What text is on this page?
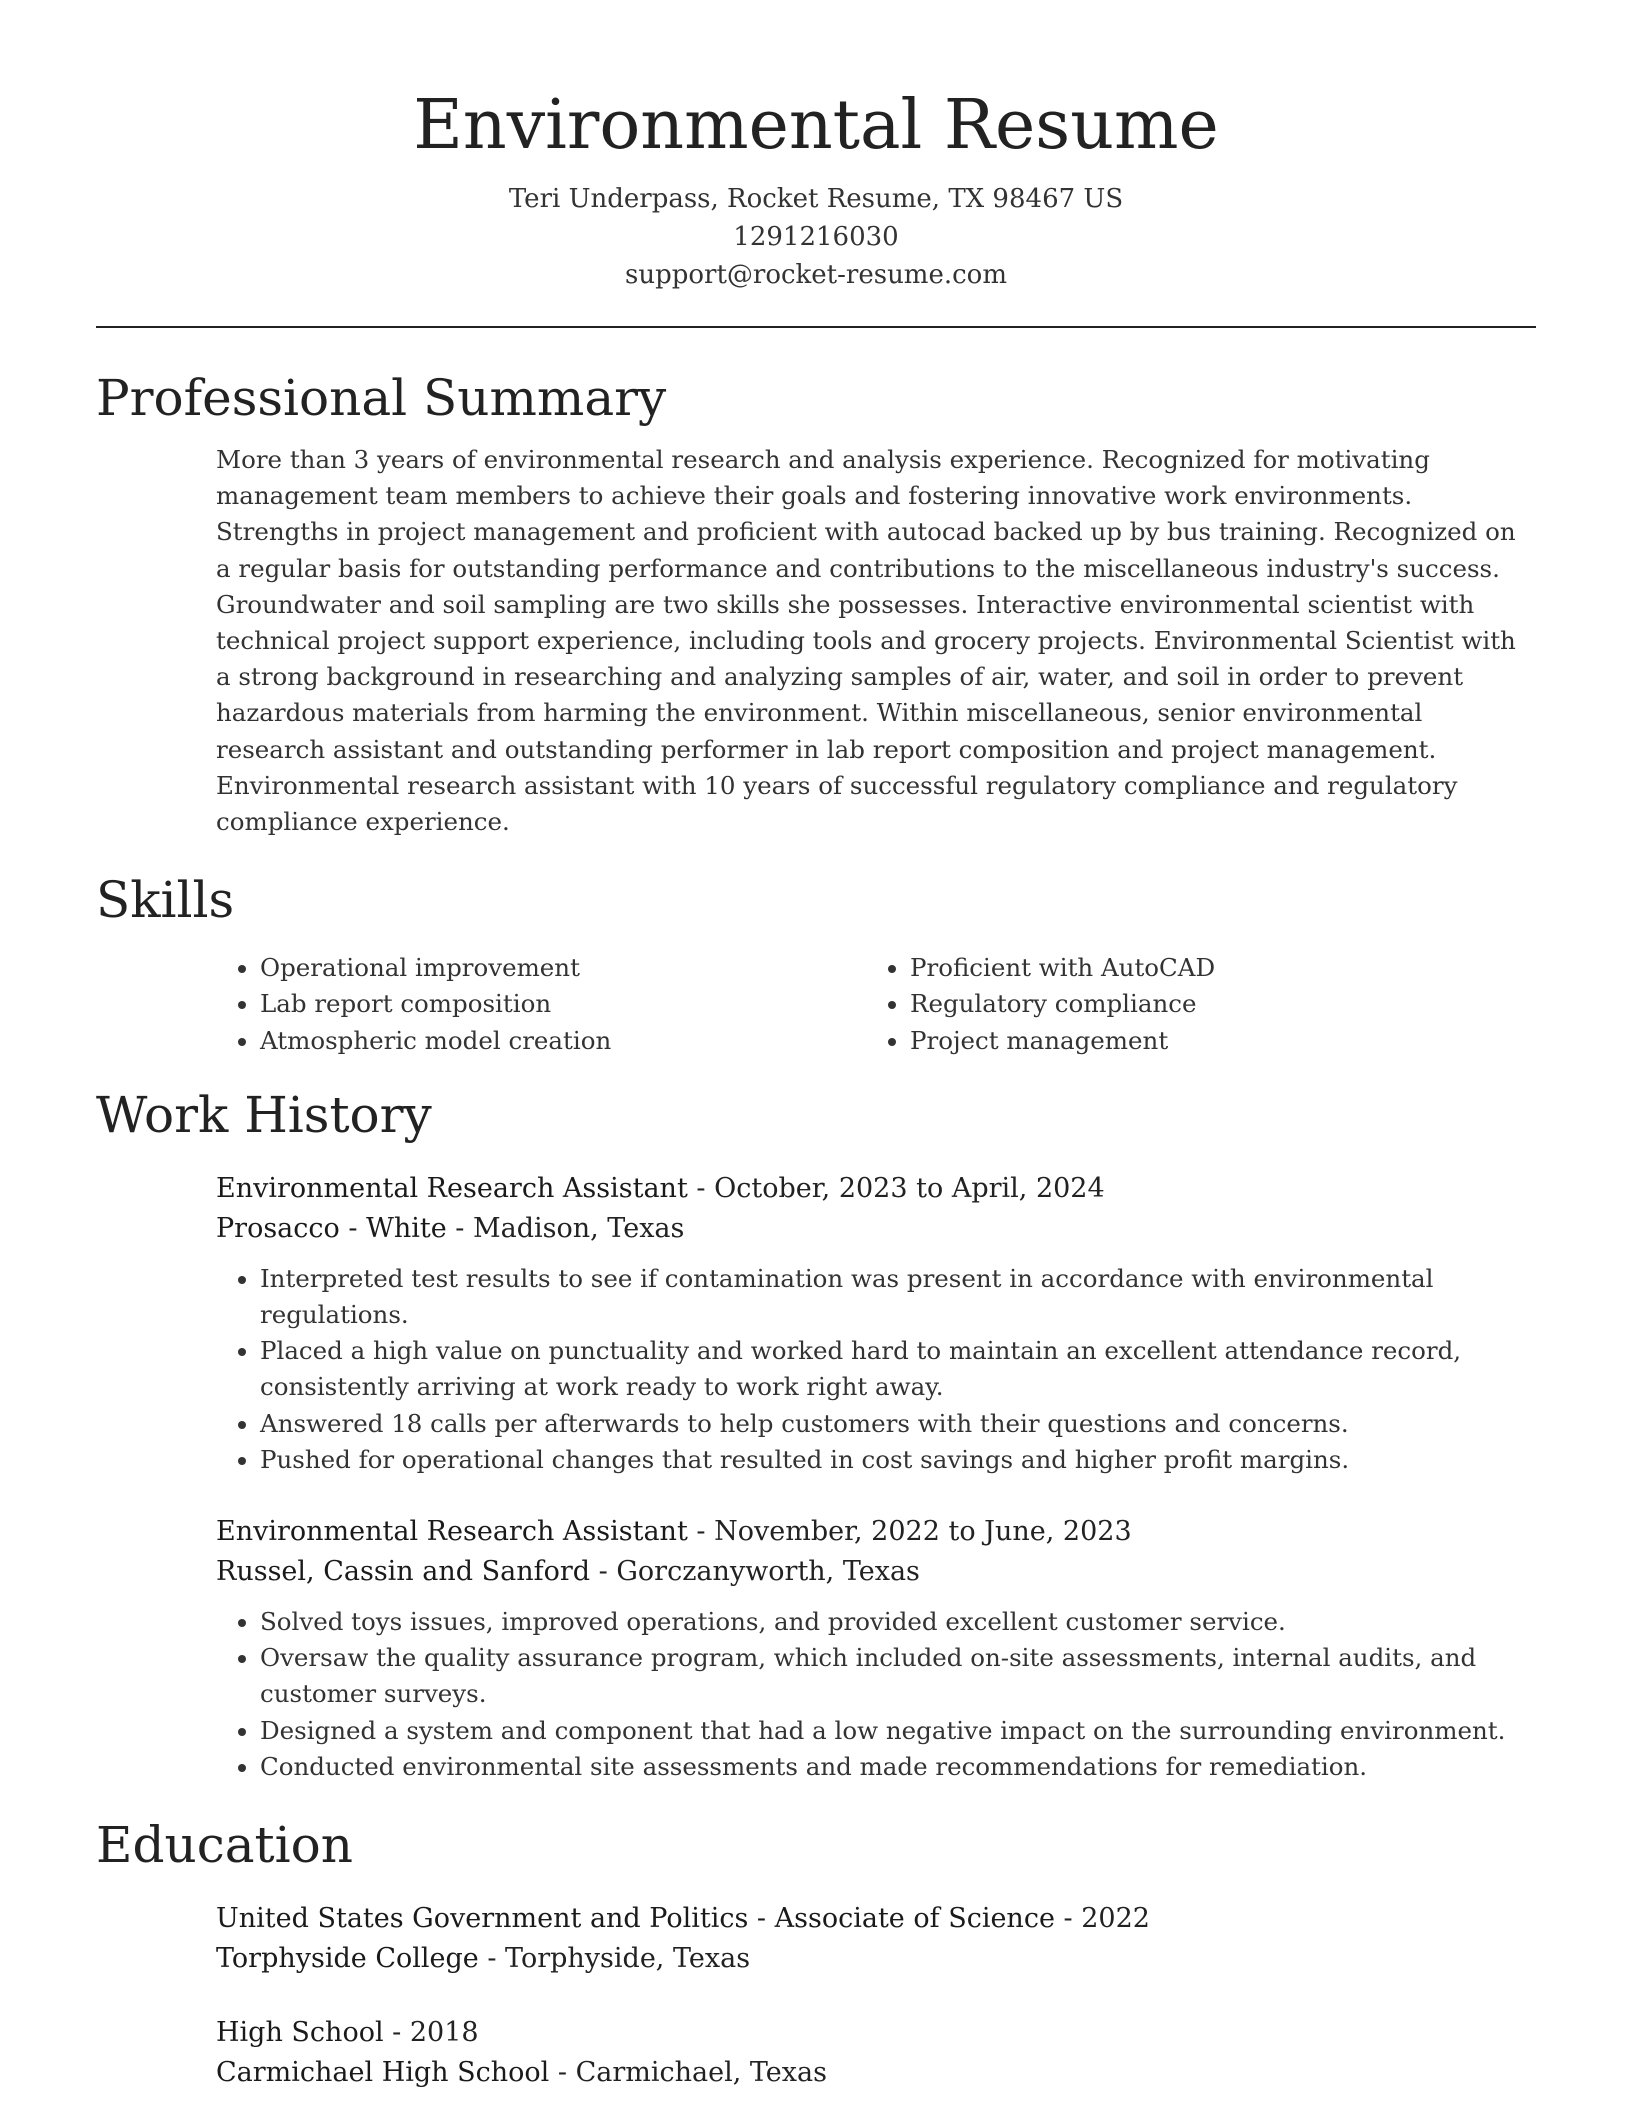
Environmental Resume
Teri Underpass, Rocket Resume, TX 98467 US
1291216030
support@rocket-resume.com
Professional Summary
More than 3 years of environmental research and analysis experience. Recognized for motivating management team members to achieve their goals and fostering innovative work environments. Strengths in project management and proficient with autocad backed up by bus training. Recognized on a regular basis for outstanding performance and contributions to the miscellaneous industry's success. Groundwater and soil sampling are two skills she possesses. Interactive environmental scientist with technical project support experience, including tools and grocery projects. Environmental Scientist with a strong background in researching and analyzing samples of air, water, and soil in order to prevent hazardous materials from harming the environment. Within miscellaneous, senior environmental research assistant and outstanding performer in lab report composition and project management. Environmental research assistant with 10 years of successful regulatory compliance and regulatory compliance experience.
Skills
• Operational improvement
• Lab report composition
• Atmospheric model creation
• Proficient with AutoCAD
• Regulatory compliance
• Project management
Work History
Environmental Research Assistant - October, 2023 to April, 2024
Prosacco - White - Madison, Texas
• Interpreted test results to see if contamination was present in accordance with environmental regulations.
• Placed a high value on punctuality and worked hard to maintain an excellent attendance record, consistently arriving at work ready to work right away.
• Answered 18 calls per afterwards to help customers with their questions and concerns.
• Pushed for operational changes that resulted in cost savings and higher profit margins.
Environmental Research Assistant - November, 2022 to June, 2023
Russel, Cassin and Sanford - Gorczanyworth, Texas
• Solved toys issues, improved operations, and provided excellent customer service.
• Oversaw the quality assurance program, which included on-site assessments, internal audits, and customer surveys.
• Designed a system and component that had a low negative impact on the surrounding environment.
• Conducted environmental site assessments and made recommendations for remediation.
Education
United States Government and Politics - Associate of Science - 2022
Torphyside College - Torphyside, Texas
High School - 2018
Carmichael High School - Carmichael, Texas
